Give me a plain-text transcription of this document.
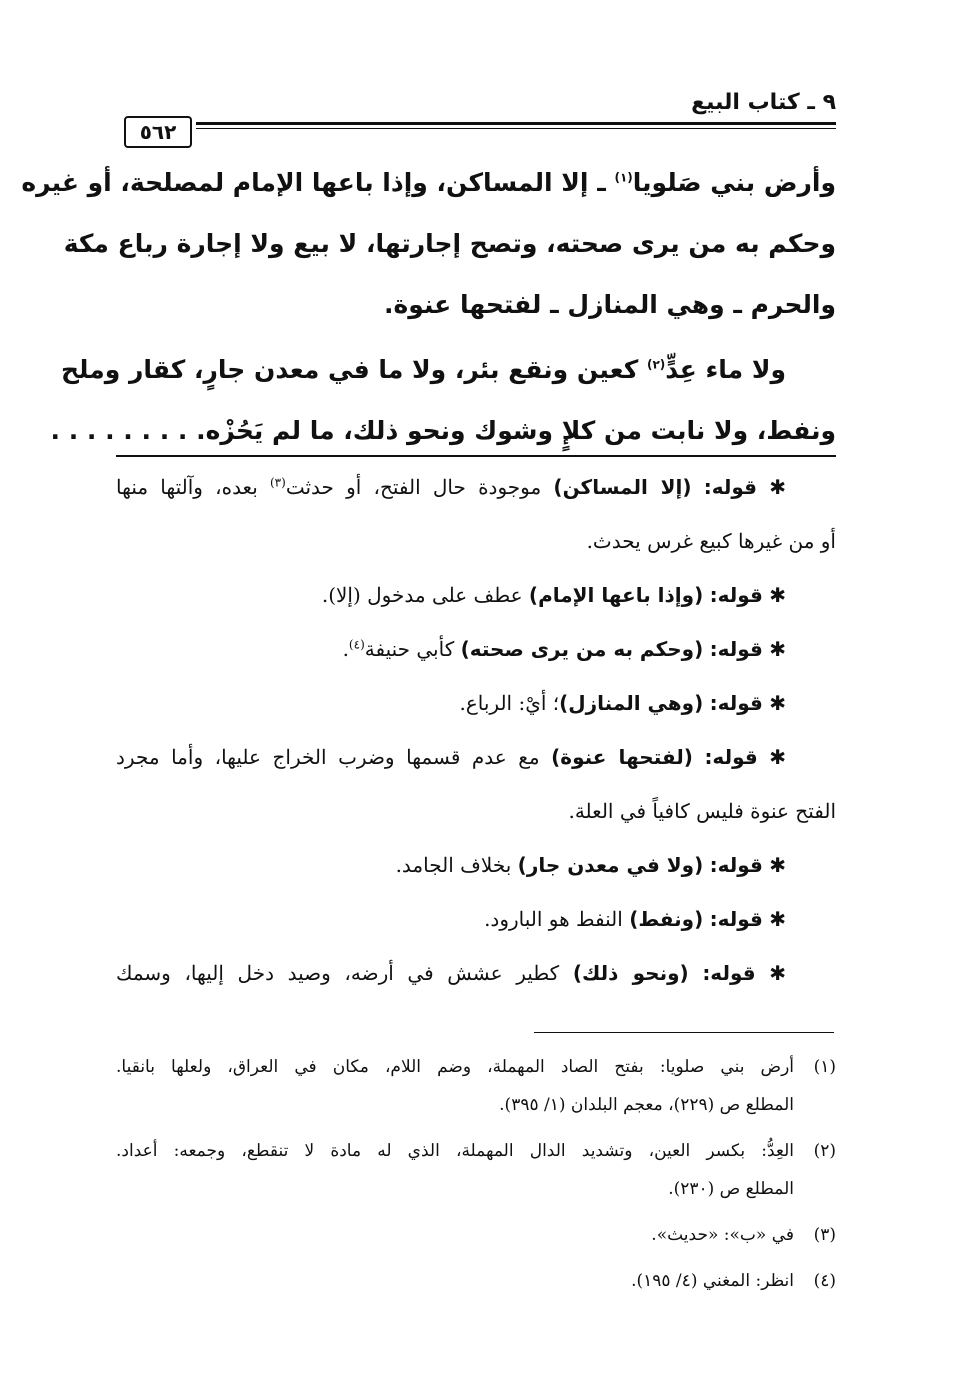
٩ ـ كتاب البيع
٥٦٢
وأرض بني صَلويا$^{(١)}$ ـ إلا المساكن، وإذا باعها الإمام لمصلحة، أو غيره
وحكم به من يرى صحته، وتصح إجارتها، لا بيع ولا إجارة رباع مكة
والحرم ـ وهي المنازل ـ لفتحها عنوة.
ولا ماء عِدٍّ$^{(٢)}$ كعين ونقع بئر، ولا ما في معدن جارٍ، كقار وملح
ونفط، ولا نابت من كلإٍ وشوك ونحو ذلك، ما لم يَحُزْه. . . . . . . . .
✱ قوله: (إلا المساكن) موجودة حال الفتح، أو حدثت$^{(٣)}$ بعده، وآلتها منها
أو من غيرها كبيع غرس يحدث.
✱ قوله: (وإذا باعها الإمام) عطف على مدخول (إلا).
✱ قوله: (وحكم به من يرى صحته) كأبي حنيفة$^{(٤)}$.
✱ قوله: (وهي المنازل)؛ أيْ: الرباع.
✱ قوله: (لفتحها عنوة) مع عدم قسمها وضرب الخراج عليها، وأما مجرد
الفتح عنوة فليس كافياً في العلة.
✱ قوله: (ولا في معدن جار) بخلاف الجامد.
✱ قوله: (ونفط) النفط هو البارود.
✱ قوله: (ونحو ذلك) كطير عشش في أرضه، وصيد دخل إليها، وسمك
(١)أرض بني صلويا: بفتح الصاد المهملة، وضم اللام، مكان في العراق، ولعلها بانقيا.
المطلع ص (٢٢٩)، معجم البلدان (١/ ٣٩٥).
(٢)العِدُّ: بكسر العين، وتشديد الدال المهملة، الذي له مادة لا تنقطع، وجمعه: أعداد.
المطلع ص (٢٣٠).
(٣)في «ب»: «حديث».
(٤)انظر: المغني (٤/ ١٩٥).
